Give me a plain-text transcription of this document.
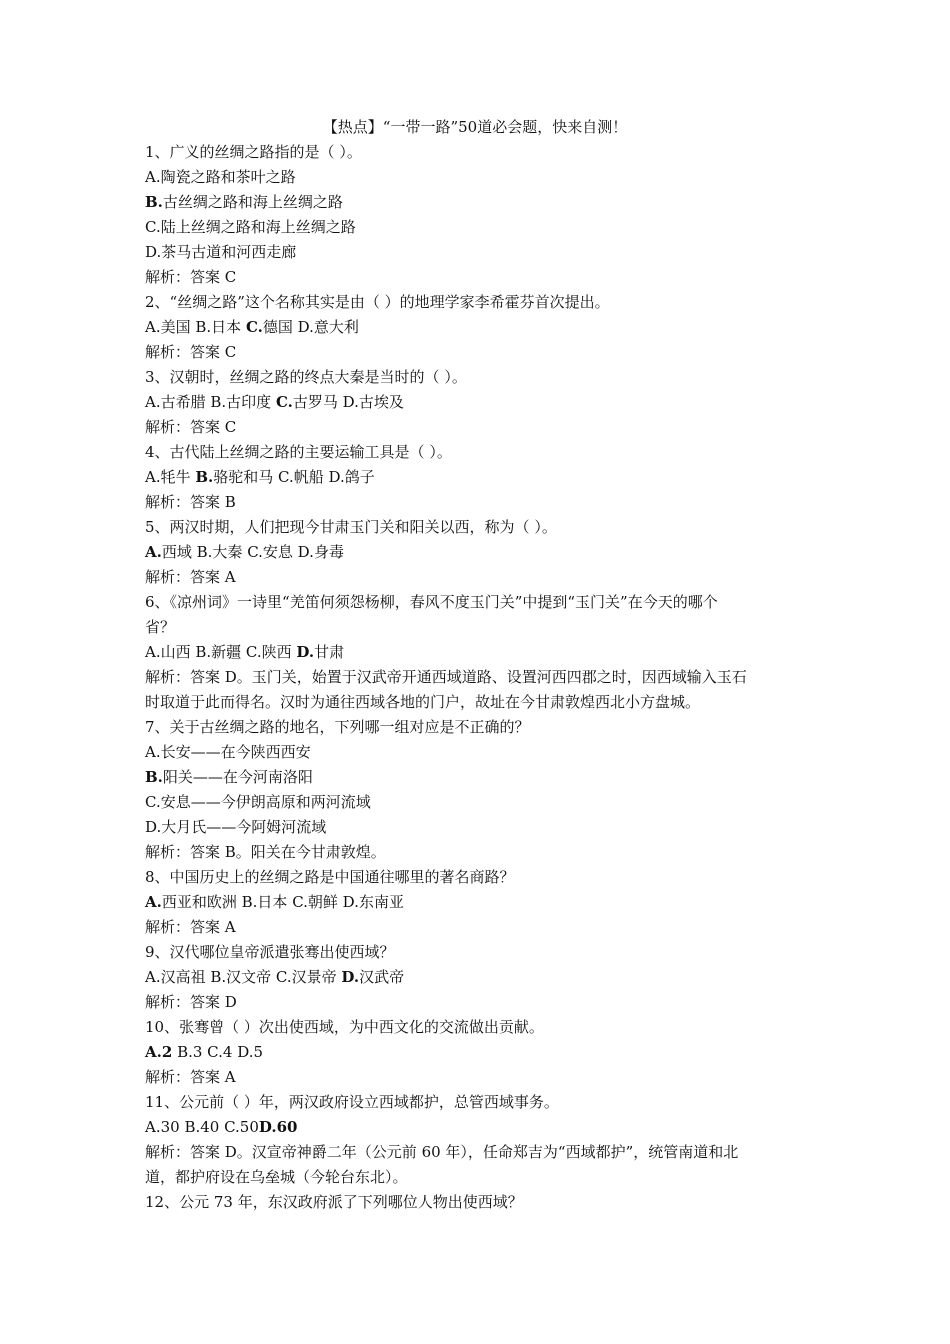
【热点】“一带一路”50道必会题，快来自测！
1、广义的丝绸之路指的是（ ）。
A.陶瓷之路和茶叶之路
B.古丝绸之路和海上丝绸之路
C.陆上丝绸之路和海上丝绸之路
D.茶马古道和河西走廊
解析：答案 C
2、“丝绸之路”这个名称其实是由（ ）的地理学家李希霍芬首次提出。
A.美国 B.日本 C.德国 D.意大利
解析：答案 C
3、汉朝时，丝绸之路的终点大秦是当时的（ ）。
A.古希腊 B.古印度 C.古罗马 D.古埃及
解析：答案 C
4、古代陆上丝绸之路的主要运输工具是（ ）。
A.牦牛 B.骆驼和马 C.帆船 D.鸽子
解析：答案 B
5、两汉时期，人们把现今甘肃玉门关和阳关以西，称为（ ）。
A.西域 B.大秦 C.安息 D.身毒
解析：答案 A
6、《凉州词》一诗里“羌笛何须怨杨柳，春风不度玉门关”中提到“玉门关”在今天的哪个
省？
A.山西 B.新疆 C.陕西 D.甘肃
解析：答案 D。玉门关，始置于汉武帝开通西域道路、设置河西四郡之时，因西域输入玉石
时取道于此而得名。汉时为通往西域各地的门户，故址在今甘肃敦煌西北小方盘城。
7、关于古丝绸之路的地名，下列哪一组对应是不正确的？
A.长安——在今陕西西安
B.阳关——在今河南洛阳
C.安息——今伊朗高原和两河流域
D.大月氏——今阿姆河流域
解析：答案 B。阳关在今甘肃敦煌。
8、中国历史上的丝绸之路是中国通往哪里的著名商路？
A.西亚和欧洲 B.日本 C.朝鲜 D.东南亚
解析：答案 A
9、汉代哪位皇帝派遣张骞出使西域？
A.汉高祖 B.汉文帝 C.汉景帝 D.汉武帝
解析：答案 D
10、张骞曾（ ）次出使西域，为中西文化的交流做出贡献。
A.2 B.3 C.4 D.5
解析：答案 A
11、公元前（ ）年，两汉政府设立西域都护，总管西域事务。
A.30 B.40 C.50D.60
解析：答案 D。汉宣帝神爵二年（公元前 60 年），任命郑吉为“西域都护”，统管南道和北
道，都护府设在乌垒城（今轮台东北）。
12、公元 73 年，东汉政府派了下列哪位人物出使西域？
